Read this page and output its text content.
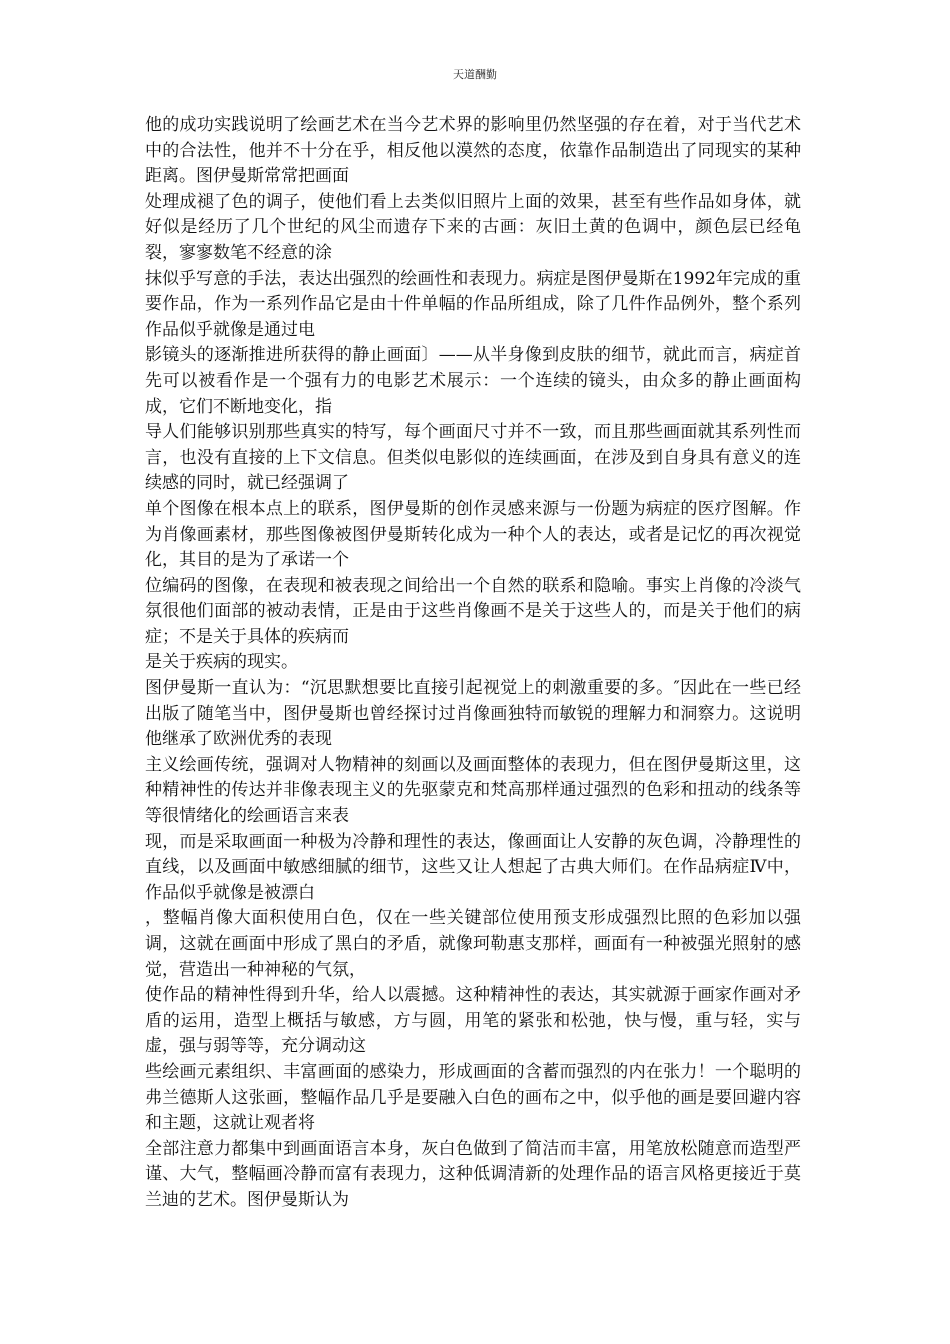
天道酬勤

他的成功实践说明了绘画艺术在当今艺术界的影响里仍然坚强的存在着，对于当代艺术中的合法性，他并不十分在乎，相反他以漠然的态度，依靠作品制造出了同现实的某种距离。图伊曼斯常常把画面

处理成褪了色的调子，使他们看上去类似旧照片上面的效果，甚至有些作品如身体，就好似是经历了几个世纪的风尘而遗存下来的古画：灰旧土黄的色调中，颜色层已经龟裂，寥寥数笔不经意的涂

抹似乎写意的手法，表达出强烈的绘画性和表现力。病症是图伊曼斯在1992年完成的重要作品，作为一系列作品它是由十件单幅的作品所组成，除了几件作品例外，整个系列作品似乎就像是通过电

影镜头的逐渐推进所获得的静止画面〕——从半身像到皮肤的细节，就此而言，病症首先可以被看作是一个强有力的电影艺术展示：一个连续的镜头，由众多的静止画面构成，它们不断地变化，指

导人们能够识别那些真实的特写，每个画面尺寸并不一致，而且那些画面就其系列性而言，也没有直接的上下文信息。但类似电影似的连续画面，在涉及到自身具有意义的连续感的同时，就已经强调了

单个图像在根本点上的联系，图伊曼斯的创作灵感来源与一份题为病症的医疗图解。作为肖像画素材，那些图像被图伊曼斯转化成为一种个人的表达，或者是记忆的再次视觉化，其目的是为了承诺一个

位编码的图像，在表现和被表现之间给出一个自然的联系和隐喻。事实上肖像的冷淡气氛很他们面部的被动表情，正是由于这些肖像画不是关于这些人的，而是关于他们的病症；不是关于具体的疾病而

是关于疾病的现实。

图伊曼斯一直认为：“沉思默想要比直接引起视觉上的刺激重要的多。″因此在一些已经出版了随笔当中，图伊曼斯也曾经探讨过肖像画独特而敏锐的理解力和洞察力。这说明他继承了欧洲优秀的表现

主义绘画传统，强调对人物精神的刻画以及画面整体的表现力，但在图伊曼斯这里，这种精神性的传达并非像表现主义的先驱蒙克和梵高那样通过强烈的色彩和扭动的线条等等很情绪化的绘画语言来表

现，而是采取画面一种极为冷静和理性的表达，像画面让人安静的灰色调，冷静理性的直线，以及画面中敏感细腻的细节，这些又让人想起了古典大师们。在作品病症Ⅳ中，作品似乎就像是被漂白

，整幅肖像大面积使用白色，仅在一些关键部位使用预支形成强烈比照的色彩加以强调，这就在画面中形成了黑白的矛盾，就像珂勒惠支那样，画面有一种被强光照射的感觉，营造出一种神秘的气氛，

使作品的精神性得到升华，给人以震撼。这种精神性的表达，其实就源于画家作画对矛盾的运用，造型上概括与敏感，方与圆，用笔的紧张和松弛，快与慢，重与轻，实与虚，强与弱等等，充分调动这

些绘画元素组织、丰富画面的感染力，形成画面的含蓄而强烈的内在张力！一个聪明的弗兰德斯人这张画，整幅作品几乎是要融入白色的画布之中，似乎他的画是要回避内容和主题，这就让观者将

全部注意力都集中到画面语言本身，灰白色做到了简洁而丰富，用笔放松随意而造型严谨、大气，整幅画冷静而富有表现力，这种低调清新的处理作品的语言风格更接近于莫兰迪的艺术。图伊曼斯认为
